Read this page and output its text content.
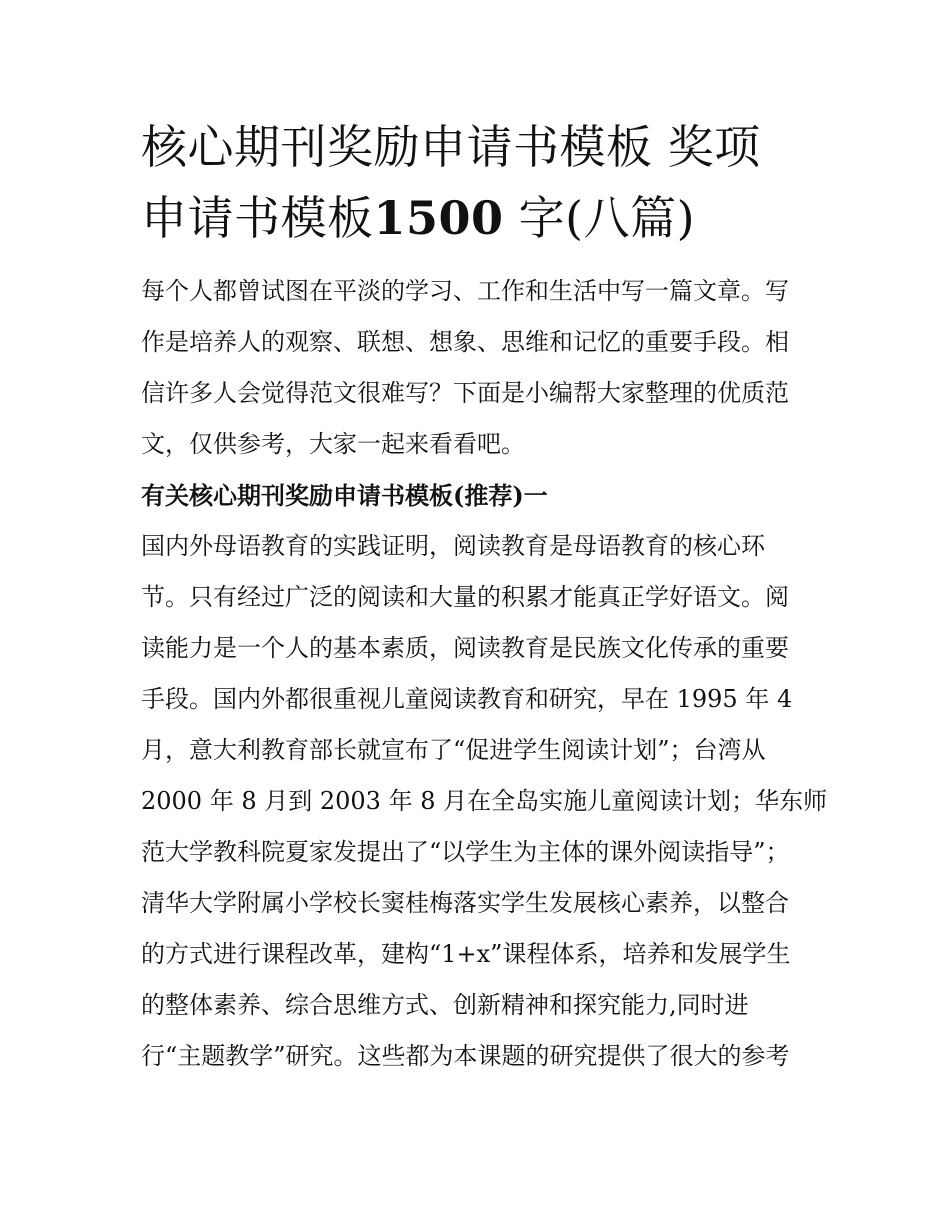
核心期刊奖励申请书模板 奖项
申请书模板1500 字(八篇)

每个人都曾试图在平淡的学习、工作和生活中写一篇文章。写
作是培养人的观察、联想、想象、思维和记忆的重要手段。相
信许多人会觉得范文很难写？下面是小编帮大家整理的优质范
文，仅供参考，大家一起来看看吧。

有关核心期刊奖励申请书模板(推荐)一

国内外母语教育的实践证明，阅读教育是母语教育的核心环
节。只有经过广泛的阅读和大量的积累才能真正学好语文。阅
读能力是一个人的基本素质，阅读教育是民族文化传承的重要
手段。国内外都很重视儿童阅读教育和研究，早在 1995 年 4
月，意大利教育部长就宣布了“促进学生阅读计划”；台湾从
2000 年 8 月到 2003 年 8 月在全岛实施儿童阅读计划；华东师
范大学教科院夏家发提出了“以学生为主体的课外阅读指导”；
清华大学附属小学校长窦桂梅落实学生发展核心素养，以整合
的方式进行课程改革，建构“1+x”课程体系，培养和发展学生
的整体素养、综合思维方式、创新精神和探究能力,同时进
行“主题教学”研究。这些都为本课题的研究提供了很大的参考
